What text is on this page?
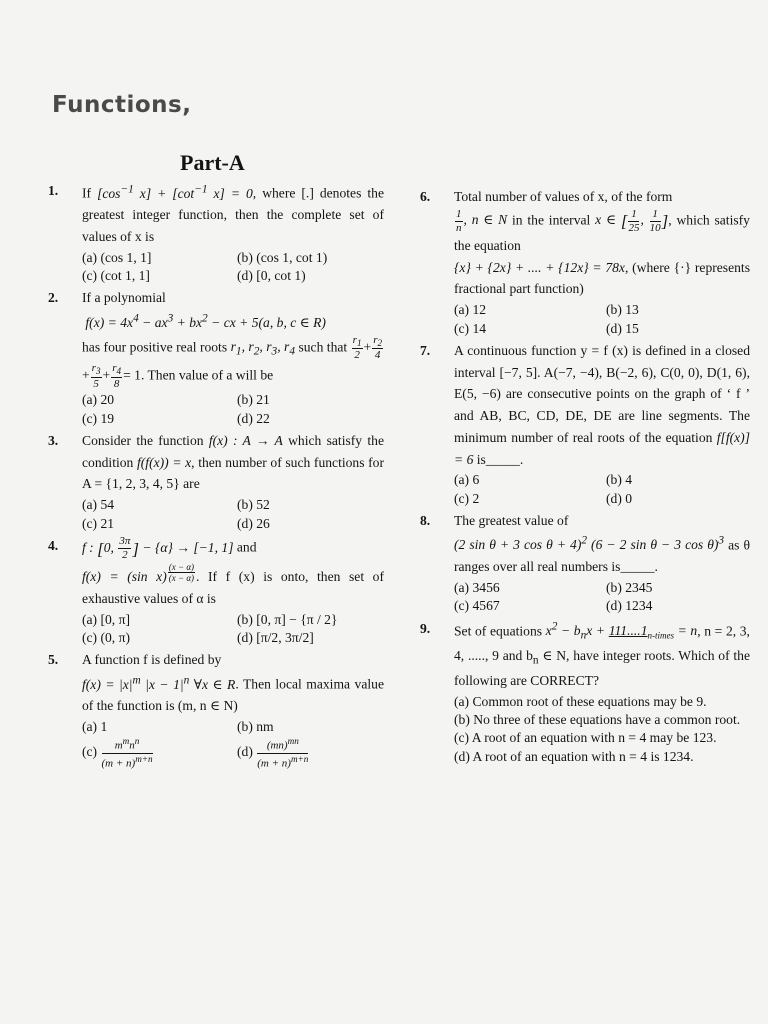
Functions,
Part-A
1.	If [$\cos^{-1}$ $x] + [\cot^{-1}$ x] = 0, where [.] denotes the greatest integer function, then the complete set of values of x is
(a) (cos 1, 1]	(b) (cos 1, cot 1)
(c) (cot 1, 1]	(d) [0, cot 1)
2.	If a polynomial
$f(x) = 4x^4 - ax^3 + bx^2$ − cx + 5(a, b, c ∈ R)
has four positive real roots $r_1$, $r_2$, $r_3$, $r_4$ such that $\frac{r_1}{2} + \frac{r_2}{4}$
+ $\frac{r_3}{5} + \frac{r_4}{8} = 1$. Then value of a will be
(a) 20	(b) 21
(c) 19	(d) 22
3.	Consider the function f(x) : A → A which satisfy the condition f(f(x)) = x, then number of such functions for A = {1, 2, 3, 4, 5} are
(a) 54	(b) 52
(c) 21	(d) 26
4.	f : [0, $\frac{3\pi}{2}$ ] − {α} → [−1, 1] and
f(x) = (sin x) $^{\frac{(x - \alpha)}{(x - \alpha)}}$ . If f (x) is onto, then set of exhaustive values of α is
(a) [0, π]	(b) [0, π] − {π / 2}
(c) (0, π)	(d) [π/2, 3π/2]
5.	A function f is defined by
$f(x) = |x|^m$ $|x - 1|^n$ ∀x ∈ R. Then local maxima value of the function is (m, n ∈ N)
(a) 1	(b) nm
$(c) \frac{m^mn^n}{(m + n)^{m+n}}$	$(d) \frac{(mn)^{mn}}{(m + n)^{m+n}}$
6.	Total number of values of x, of the form

$\frac{1}{n}$ , n ∈ N in the interval x ∈ [ $\frac{1}{25}$ , $\frac{1}{10}$ ], which satisfy the equation
{x} + {2x} + .... + {12x} = 78x, (where {·} represents fractional part function)
(a) 12	(b) 13
(c) 14	(d) 15
7.	A continuous function y = f (x) is defined in a closed interval [−7, 5]. A(−7, −4), B(−2, 6), C(0, 0), D(1, 6), E(5, −6) are consecutive points on the graph of ‘ f ’ and AB, BC, CD, DE, DE are line segments. The minimum number of real roots of the equation f[f(x)] = 6 is_____.
(a) 6	(b) 4
(c) 2	(d) 0
8.	The greatest value of
(2 sin θ + 3 cos θ + 4)$^2$ (6 − 2 sin θ − 3 cos θ)$^3$ as θ ranges over all real numbers is_____.
(a) 3456	(b) 2345
(c) 4567	(d) 1234
9.	Set of equations $x^2 - b_nx + 111....1_{n-times} = n$, n = 2, 3, 4, ....., 9 and $b_n$ ∈ N, have integer roots. Which of the following are CORRECT?
(a) Common root of these equations may be 9.
(b) No three of these equations have a common root.
(c) A root of an equation with n = 4 may be 123.
(d) A root of an equation with n = 4 is 1234.
